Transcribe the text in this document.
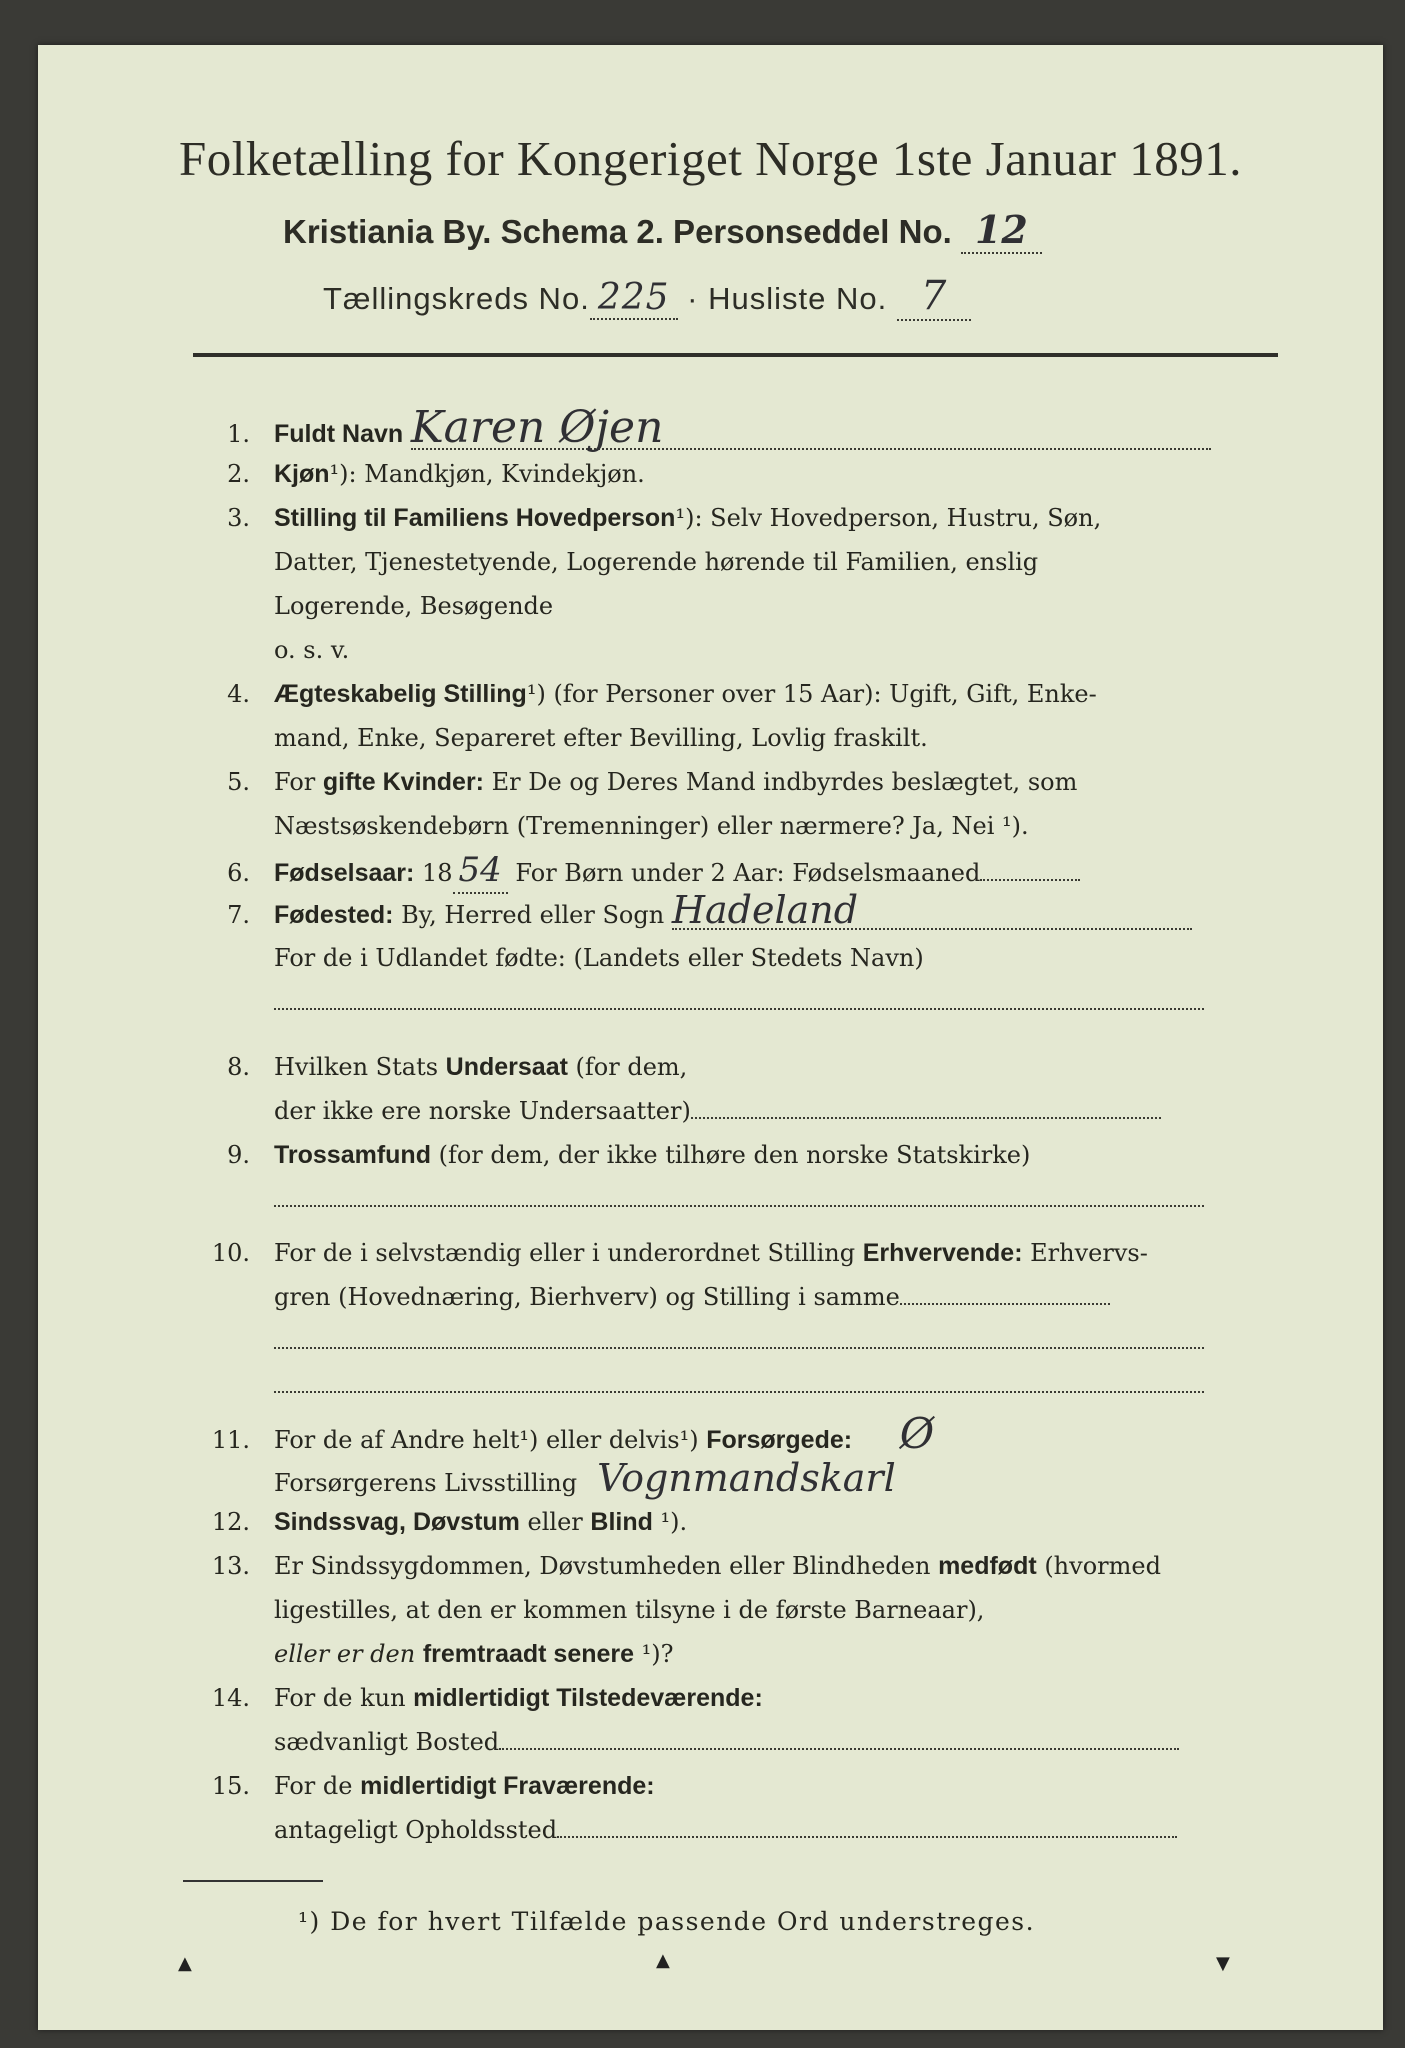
Folketælling for Kongeriget Norge 1ste Januar 1891.
Kristiania By. Schema 2. Personseddel No. 12
Tællingskreds No. 225 · Husliste No. 7
1. Fuldt Navn Karen Øjen
2. Kjøn¹): Mandkjøn, Kvindekjøn.
3. Stilling til Familiens Hovedperson¹): Selv Hovedperson, Hustru, Søn,
Datter, Tjenestetyende, Logerende hørende til Familien, enslig
Logerende, Besøgende
o. s. v.
4. Ægteskabelig Stilling¹) (for Personer over 15 Aar): Ugift, Gift, Enke-
mand, Enke, Separeret efter Bevilling, Lovlig fraskilt.
5. For gifte Kvinder: Er De og Deres Mand indbyrdes beslægtet, som
Næstsøskendebørn (Tremenninger) eller nærmere? Ja, Nei ¹).
6. Fødselsaar: 18 54 For Børn under 2 Aar: Fødselsmaaned
7. Fødested: By, Herred eller Sogn Hadeland
For de i Udlandet fødte: (Landets eller Stedets Navn)
8. Hvilken Stats Undersaat (for dem,
der ikke ere norske Undersaatter)
9. Trossamfund (for dem, der ikke tilhøre den norske Statskirke)
10. For de i selvstændig eller i underordnet Stilling Erhvervende: Erhvervs-
gren (Hovednæring, Bierhverv) og Stilling i samme
11. For de af Andre helt¹) eller delvis¹) Forsørgede: Ø
Forsørgerens Livsstilling Vognmandskarl
12. Sindssvag, Døvstum eller Blind ¹).
13. Er Sindssygdommen, Døvstumheden eller Blindheden medfødt (hvormed
ligestilles, at den er kommen tilsyne i de første Barneaar),
eller er den fremtraadt senere ¹)?
14. For de kun midlertidigt Tilstedeværende:
sædvanligt Bosted
15. For de midlertidigt Fraværende:
antageligt Opholdssted
¹) De for hvert Tilfælde passende Ord understreges.
▲	▲	▼
